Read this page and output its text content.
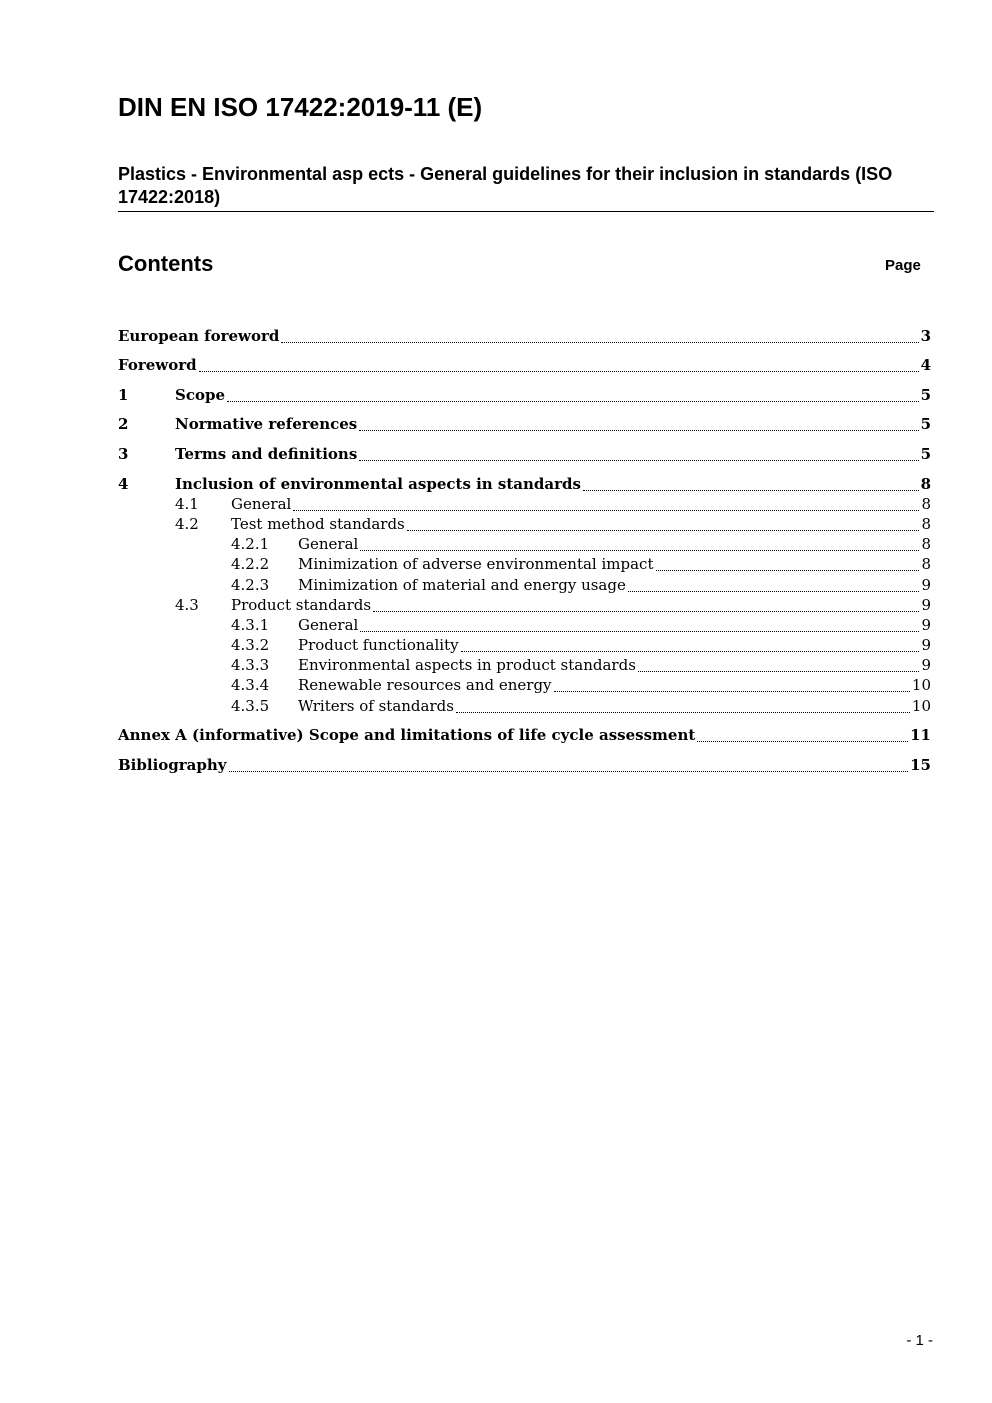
DIN EN ISO 17422:2019-11 (E)
Plastics - Environmental asp ects - General guidelines for their inclusion in standards (ISO 17422:2018)
Contents	Page
European foreword	3
Foreword	4
1	Scope	5
2	Normative references	5
3	Terms and definitions	5
4	Inclusion of environmental aspects in standards	8
4.1	General	8
4.2	Test method standards	8
4.2.1	General	8
4.2.2	Minimization of adverse environmental impact	8
4.2.3	Minimization of material and energy usage	9
4.3	Product standards	9
4.3.1	General	9
4.3.2	Product functionality	9
4.3.3	Environmental aspects in product standards	9
4.3.4	Renewable resources and energy	10
4.3.5	Writers of standards	10
Annex A (informative) Scope and limitations of life cycle assessment	11
Bibliography	15
- 1 -
